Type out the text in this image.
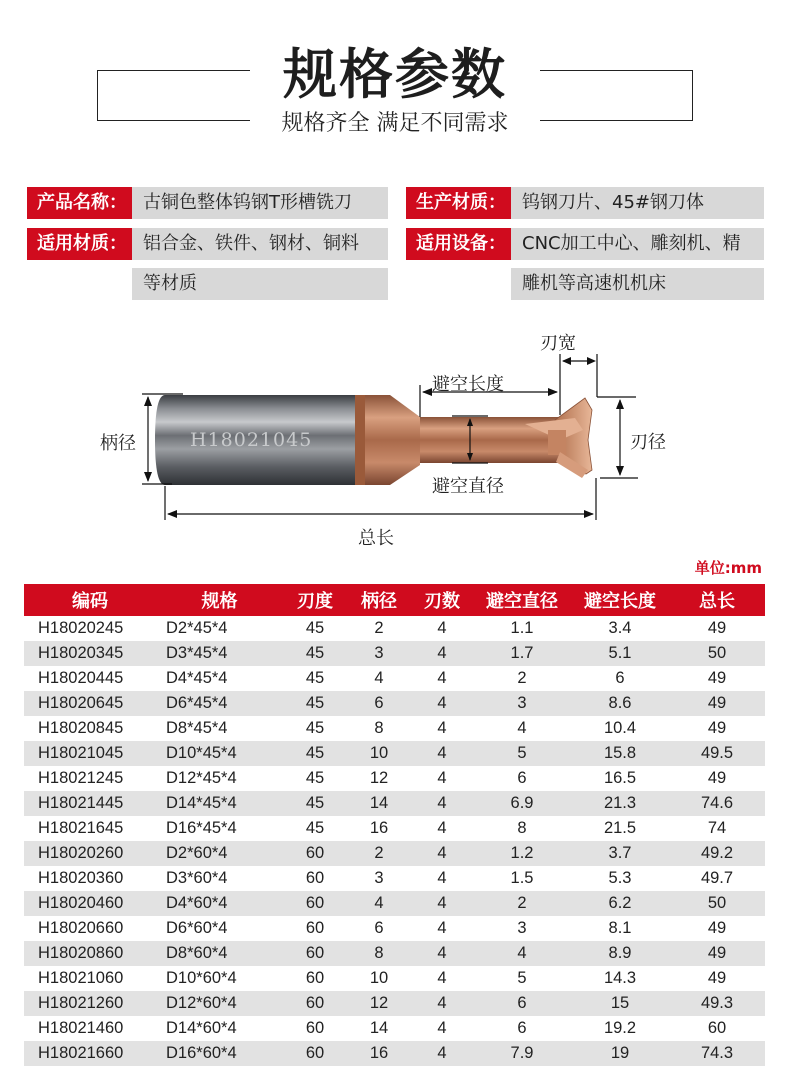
规格参数
规格齐全 满足不同需求
产品名称： 古铜色整体钨钢T形槽铣刀
适用材质： 铝合金、铁件、钢材、铜料
等材质
生产材质： 钨钢刀片、45#钢刀体
适用设备： CNC加工中心、雕刻机、精
雕机等高速机机床
H18021045
柄径
总长
避空长度
避空直径
刃宽
刃径
单位:mm
编码	规格	刃度	柄径	刃数	避空直径	避空长度	总长
H18020245	D2*45*4	45	2	4	1.1	3.4	49
H18020345	D3*45*4	45	3	4	1.7	5.1	50
H18020445	D4*45*4	45	4	4	2	6	49
H18020645	D6*45*4	45	6	4	3	8.6	49
H18020845	D8*45*4	45	8	4	4	10.4	49
H18021045	D10*45*4	45	10	4	5	15.8	49.5
H18021245	D12*45*4	45	12	4	6	16.5	49
H18021445	D14*45*4	45	14	4	6.9	21.3	74.6
H18021645	D16*45*4	45	16	4	8	21.5	74
H18020260	D2*60*4	60	2	4	1.2	3.7	49.2
H18020360	D3*60*4	60	3	4	1.5	5.3	49.7
H18020460	D4*60*4	60	4	4	2	6.2	50
H18020660	D6*60*4	60	6	4	3	8.1	49
H18020860	D8*60*4	60	8	4	4	8.9	49
H18021060	D10*60*4	60	10	4	5	14.3	49
H18021260	D12*60*4	60	12	4	6	15	49.3
H18021460	D14*60*4	60	14	4	6	19.2	60
H18021660	D16*60*4	60	16	4	7.9	19	74.3
